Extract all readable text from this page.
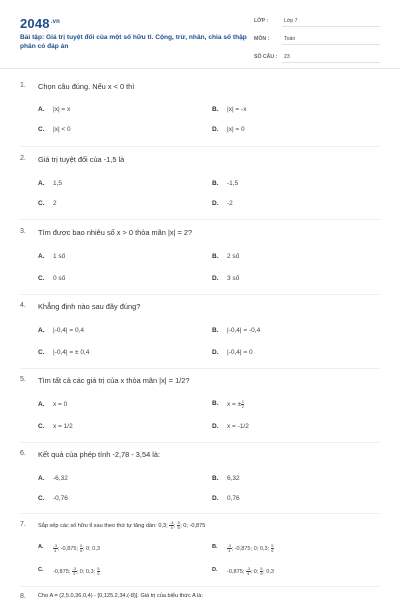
$2048^{.vn}$
Bài tập: Giá trị tuyệt đối của một số hữu tỉ. Cộng, trừ, nhân, chia số thập phân có đáp án
LỚP :	Lớp 7
MÔN :	Toán
SỐ CÂU : 23
1. Chọn câu đúng. Nếu x < 0 thì
A. |x| = x	B. |x| = -x
C. |x| < 0	D. |x| = 0
2. Giá trị tuyệt đối của -1,5 là
A. 1,5	B. -1,5
C. 2	D. -2
3. Tìm được bao nhiêu số x > 0 thỏa mãn |x| = 2?
A. 1 số	B. 2 số
C. 0 số	D. 3 số
4. Khẳng định nào sau đây đúng?
A. |-0,4| = 0,4	B. |-0,4| = -0,4
C. |-0,4| = ± 0,4	D. |-0,4| = 0
5. Tìm tất cả các giá trị của x thỏa mãn |x| = 1/2?
A. x = 0	B. x = ± $\frac{1}{2}$
C. x = 1/2	D. x = -1/2
6. Kết quả của phép tính -2,78 - 3,54 là:
A. -6,32	B. 6,32
C. -0,76	D. 0,76
7. Sắp xếp các số hữu tỉ sau theo thứ tự tăng dần: 0,3; $\frac{-3}{4}$ ; $\frac{5}{6}$ ; 0; -0,875
A. $\frac{-3}{4}$ ; -0,875; $\frac{5}{6}$ ; 0; 0,3	B. $\frac{-3}{4}$ ; -0,875; 0; 0,3; $\frac{5}{6}$
C. -0,875; $\frac{-3}{4}$ ; 0; 0,3; $\frac{5}{6}$	D. -0,875; $\frac{-3}{4}$ ; 0; $\frac{5}{6}$ ; 0,3
8. Cho A = (2,5.0,36.0,4) - [0,125.2,34.(-8)]. Giá trị của biểu thức A là:
